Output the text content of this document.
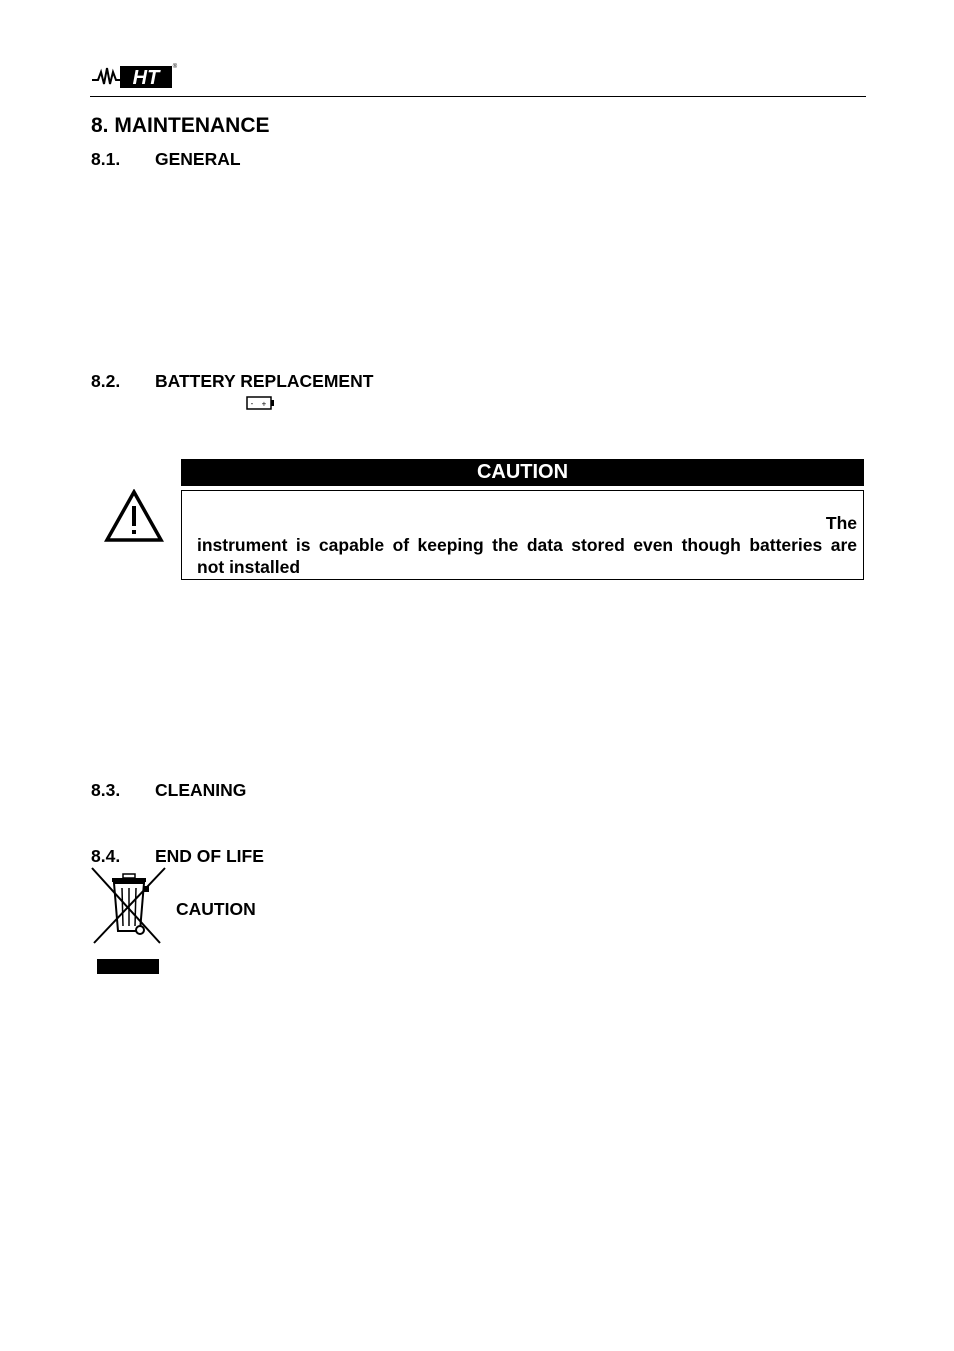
HT ®
8. MAINTENANCE
8.1. GENERAL
8.2. BATTERY REPLACEMENT
- +
CAUTION
The
instrument is capable of keeping the data stored even though batteries are
not installed
8.3. CLEANING
8.4. END OF LIFE
CAUTION
